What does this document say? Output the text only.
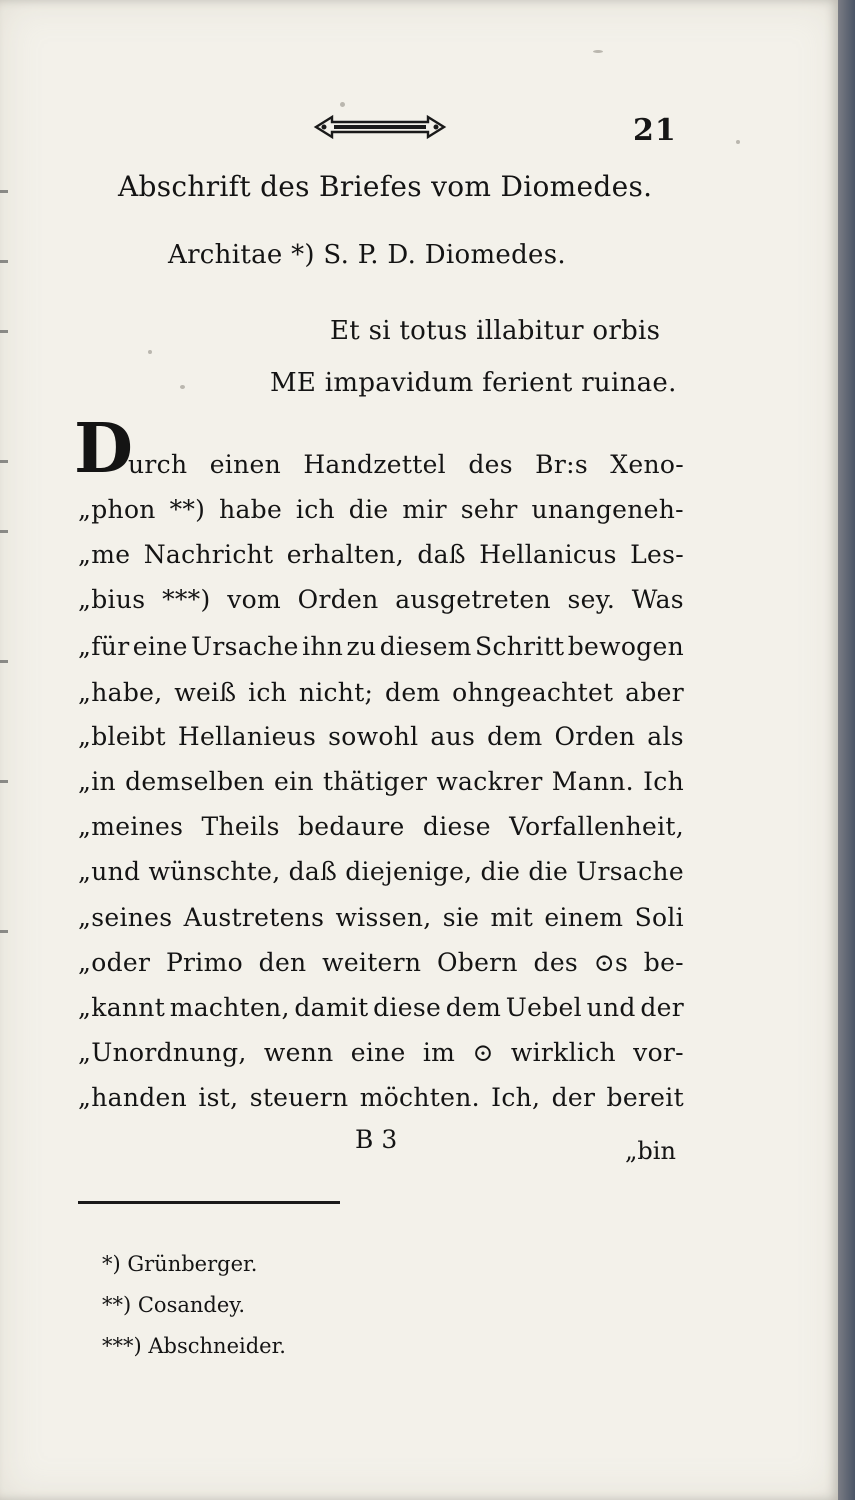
21
Abschrift des Briefes vom Diomedes.
Architae *) S. P. D. Diomedes.
Et si totus illabitur orbis
ME impavidum ferient ruinae.
D
urch einen Handzettel des Br:s Xeno-
„phon **) habe ich die mir sehr unangeneh-
„me Nachricht erhalten, daß Hellanicus Les-
„bius ***) vom Orden ausgetreten sey. Was
„für eine Ursache ihn zu diesem Schritt bewogen
„habe, weiß ich nicht; dem ohngeachtet aber
„bleibt Hellanieus sowohl aus dem Orden als
„in demselben ein thätiger wackrer Mann. Ich
„meines Theils bedaure diese Vorfallenheit,
„und wünschte, daß diejenige, die die Ursache
„seines Austretens wissen, sie mit einem Soli
„oder Primo den weitern Obern des ⊙s be-
„kannt machten, damit diese dem Uebel und der
„Unordnung, wenn eine im ⊙ wirklich vor-
„handen ist, steuern möchten. Ich, der bereit
B 3	„bin
*) Grünberger.
**) Cosandey.
***) Abschneider.
